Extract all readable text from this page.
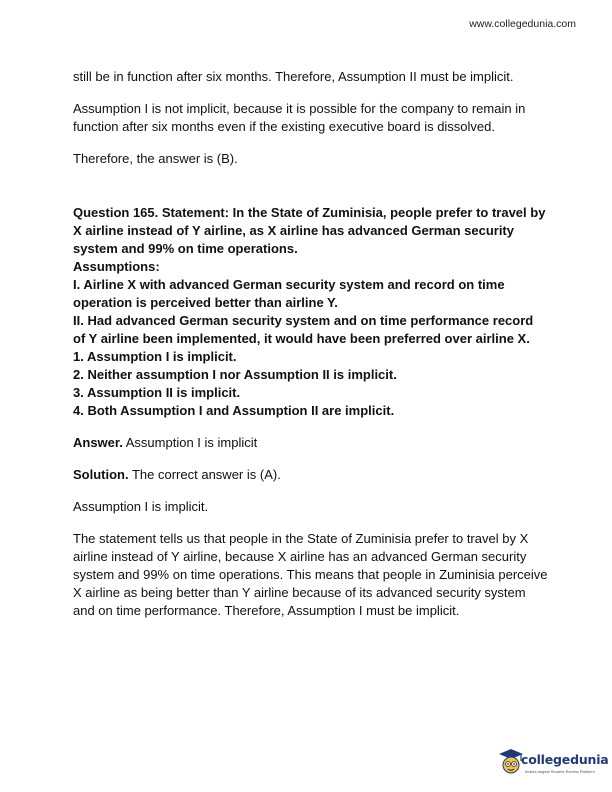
www.collegedunia.com

still be in function after six months. Therefore, Assumption II must be implicit.

Assumption I is not implicit, because it is possible for the company to remain in function after six months even if the existing executive board is dissolved.

Therefore, the answer is (B).

Question 165. Statement: In the State of Zuminisia, people prefer to travel by X airline instead of Y airline, as X airline has advanced German security system and 99% on time operations.

Assumptions:

I. Airline X with advanced German security system and record on time operation is perceived better than airline Y.

II. Had advanced German security system and on time performance record of Y airline been implemented, it would have been preferred over airline X.

1. Assumption I is implicit.

2. Neither assumption I nor Assumption II is implicit.

3. Assumption II is implicit.

4. Both Assumption I and Assumption II are implicit.

Answer. Assumption I is implicit

Solution. The correct answer is (A).

Assumption I is implicit.

The statement tells us that people in the State of Zuminisia prefer to travel by X airline instead of Y airline, because X airline has an advanced German security system and 99% on time operations. This means that people in Zuminisia perceive X airline as being better than Y airline because of its advanced security system and on time performance. Therefore, Assumption I must be implicit.

collegedunia
India's largest Student Review Platform
